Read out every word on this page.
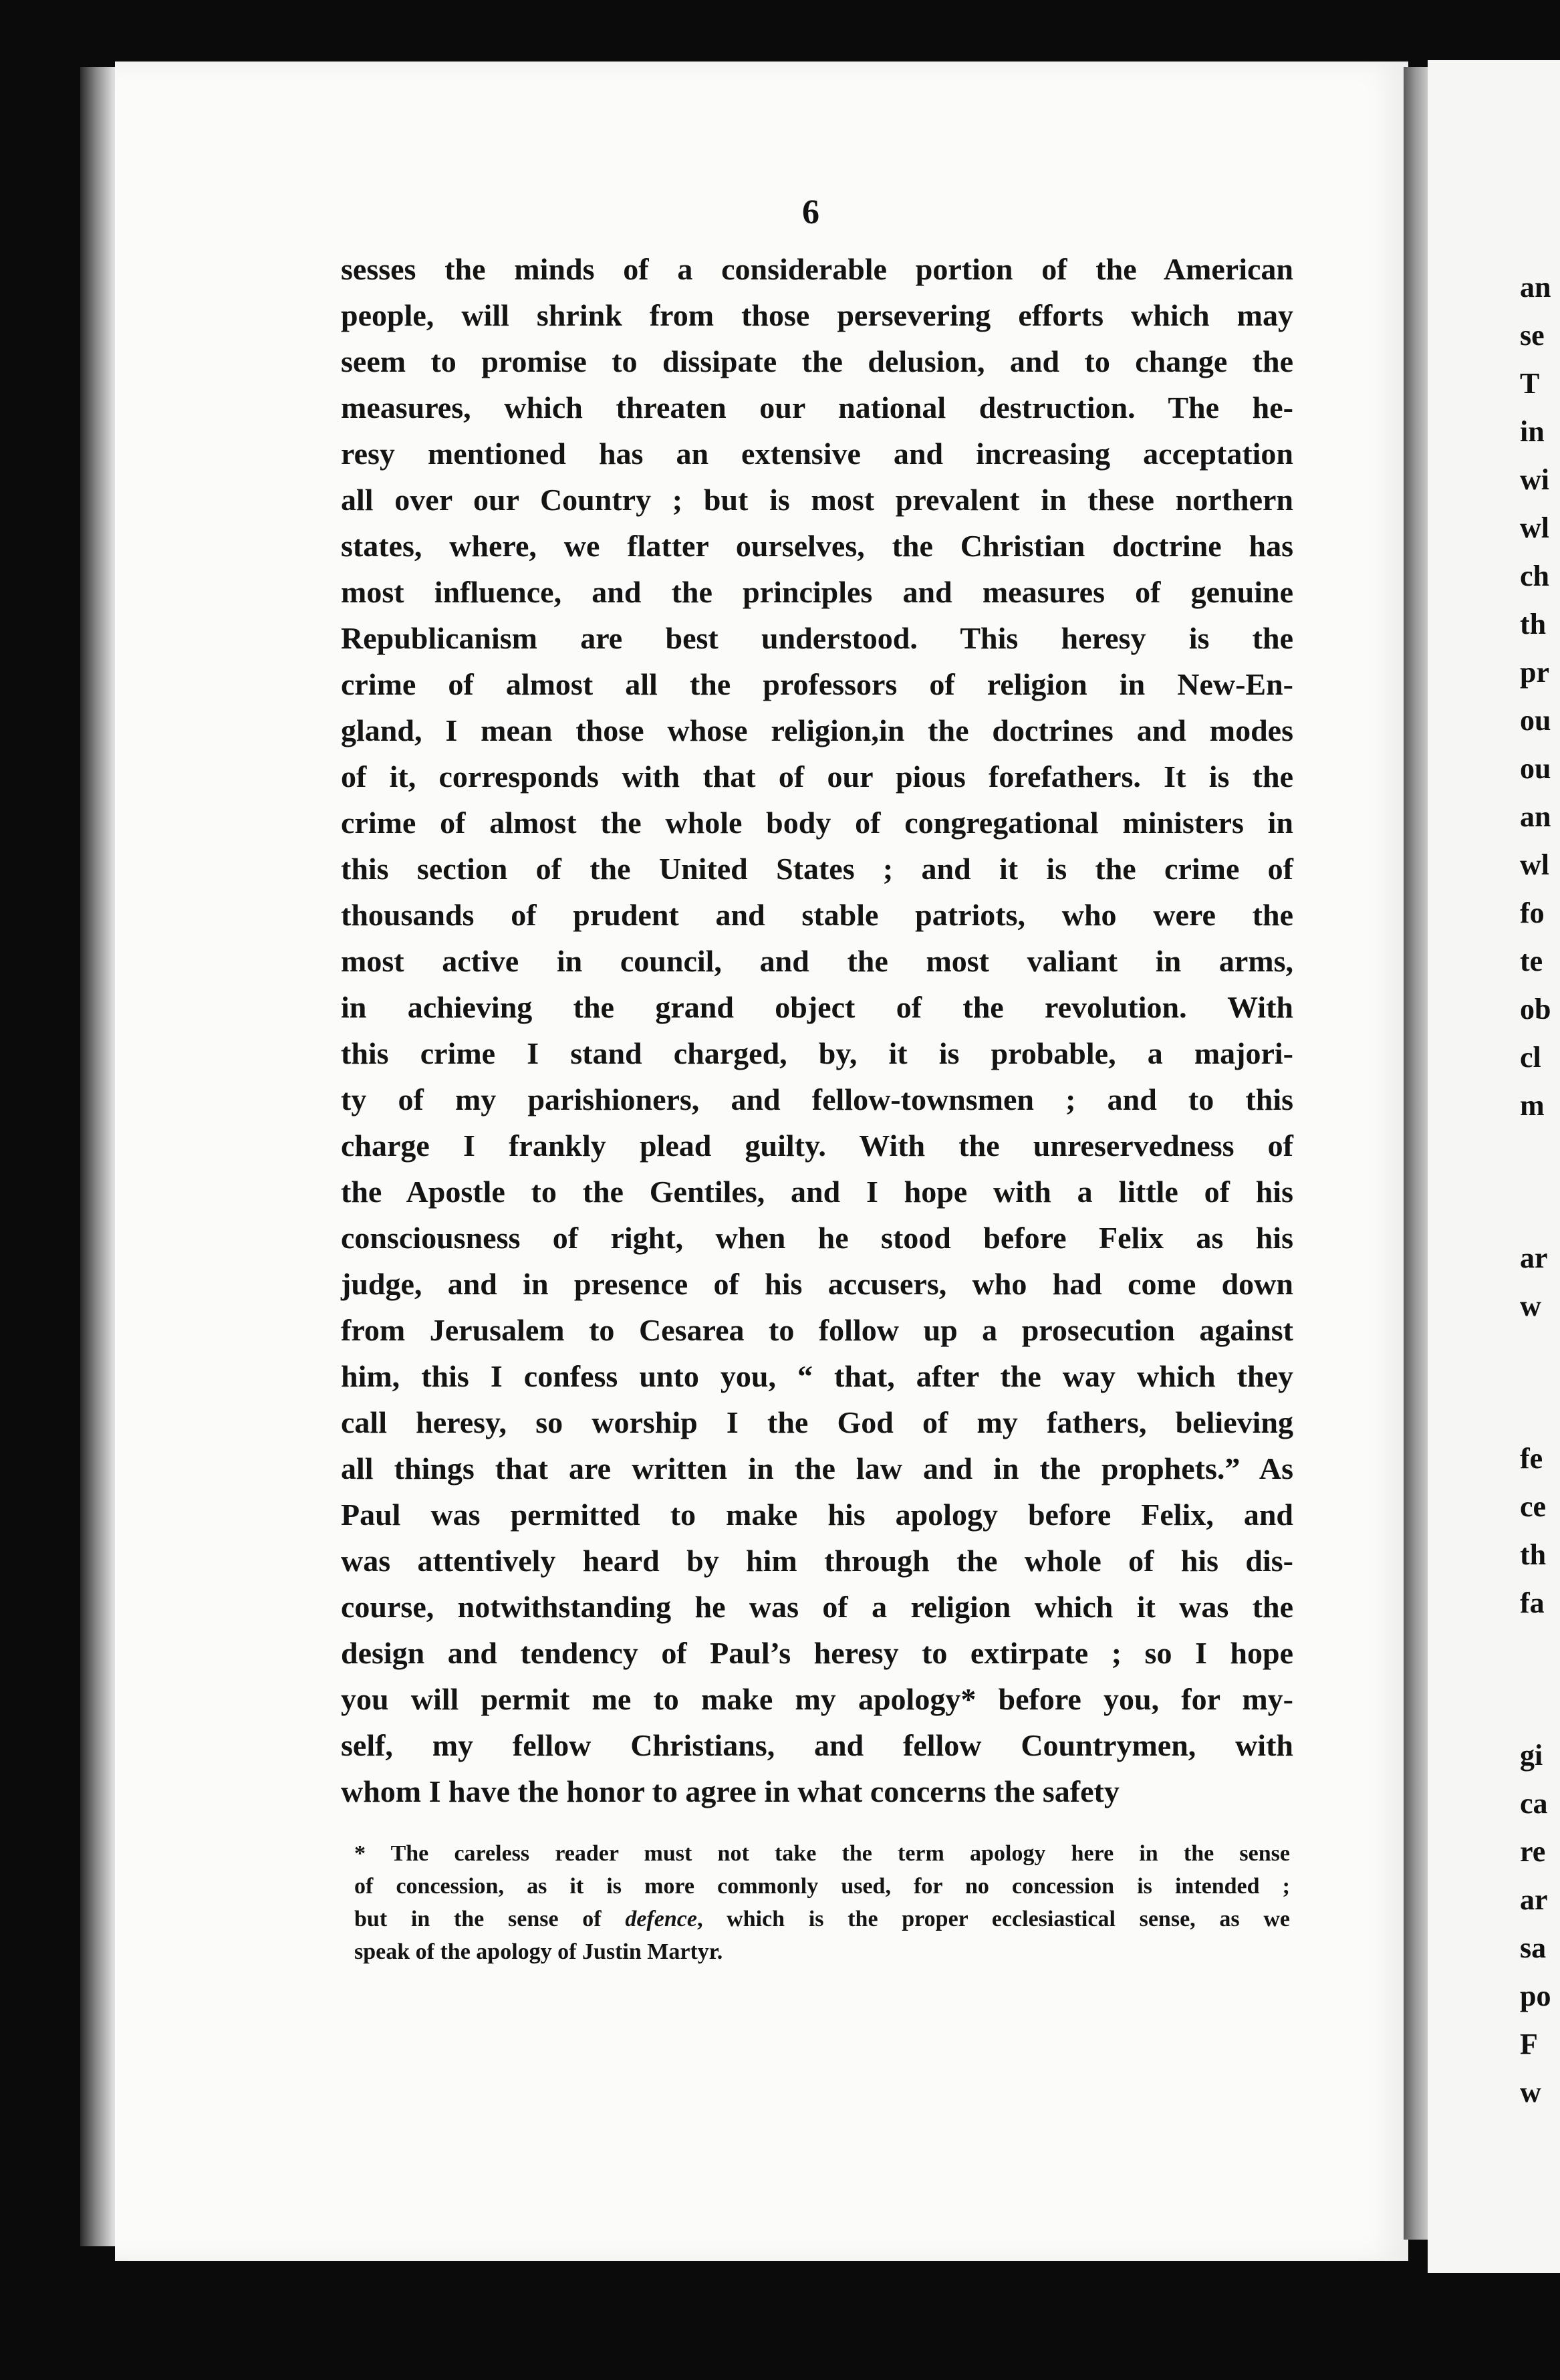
6
sesses the minds of a considerable portion of the American
people, will shrink from those persevering efforts which may
seem to promise to dissipate the delusion, and to change the
measures, which threaten our national destruction. The he-
resy mentioned has an extensive and increasing acceptation
all over our Country ; but is most prevalent in these northern
states, where, we flatter ourselves, the Christian doctrine has
most influence, and the principles and measures of genuine
Republicanism are best understood. This heresy is the
crime of almost all the professors of religion in New-En-
gland, I mean those whose religion,in the doctrines and modes
of it, corresponds with that of our pious forefathers. It is the
crime of almost the whole body of congregational ministers in
this section of the United States ; and it is the crime of
thousands of prudent and stable patriots, who were the
most active in council, and the most valiant in arms,
in achieving the grand object of the revolution. With
this crime I stand charged, by, it is probable, a majori-
ty of my parishioners, and fellow-townsmen ; and to this
charge I frankly plead guilty. With the unreservedness of
the Apostle to the Gentiles, and I hope with a little of his
consciousness of right, when he stood before Felix as his
judge, and in presence of his accusers, who had come down
from Jerusalem to Cesarea to follow up a prosecution against
him, this I confess unto you, “ that, after the way which they
call heresy, so worship I the God of my fathers, believing
all things that are written in the law and in the prophets.” As
Paul was permitted to make his apology before Felix, and
was attentively heard by him through the whole of his dis-
course, notwithstanding he was of a religion which it was the
design and tendency of Paul’s heresy to extirpate ; so I hope
you will permit me to make my apology* before you, for my-
self, my fellow Christians, and fellow Countrymen, with
whom I have the honor to agree in what concerns the safety
* The careless reader must not take the term apology here in the sense
of concession, as it is more commonly used, for no concession is intended ;
but in the sense of defence, which is the proper ecclesiastical sense, as we
speak of the apology of Justin Martyr.
an
se
T
in
wi
wl
ch
th
pr
ou
ou
an
wl
fo
te
ob
cl
m
ar
w
fe
ce
th
fa
gi
ca
re
ar
sa
po
F
w
